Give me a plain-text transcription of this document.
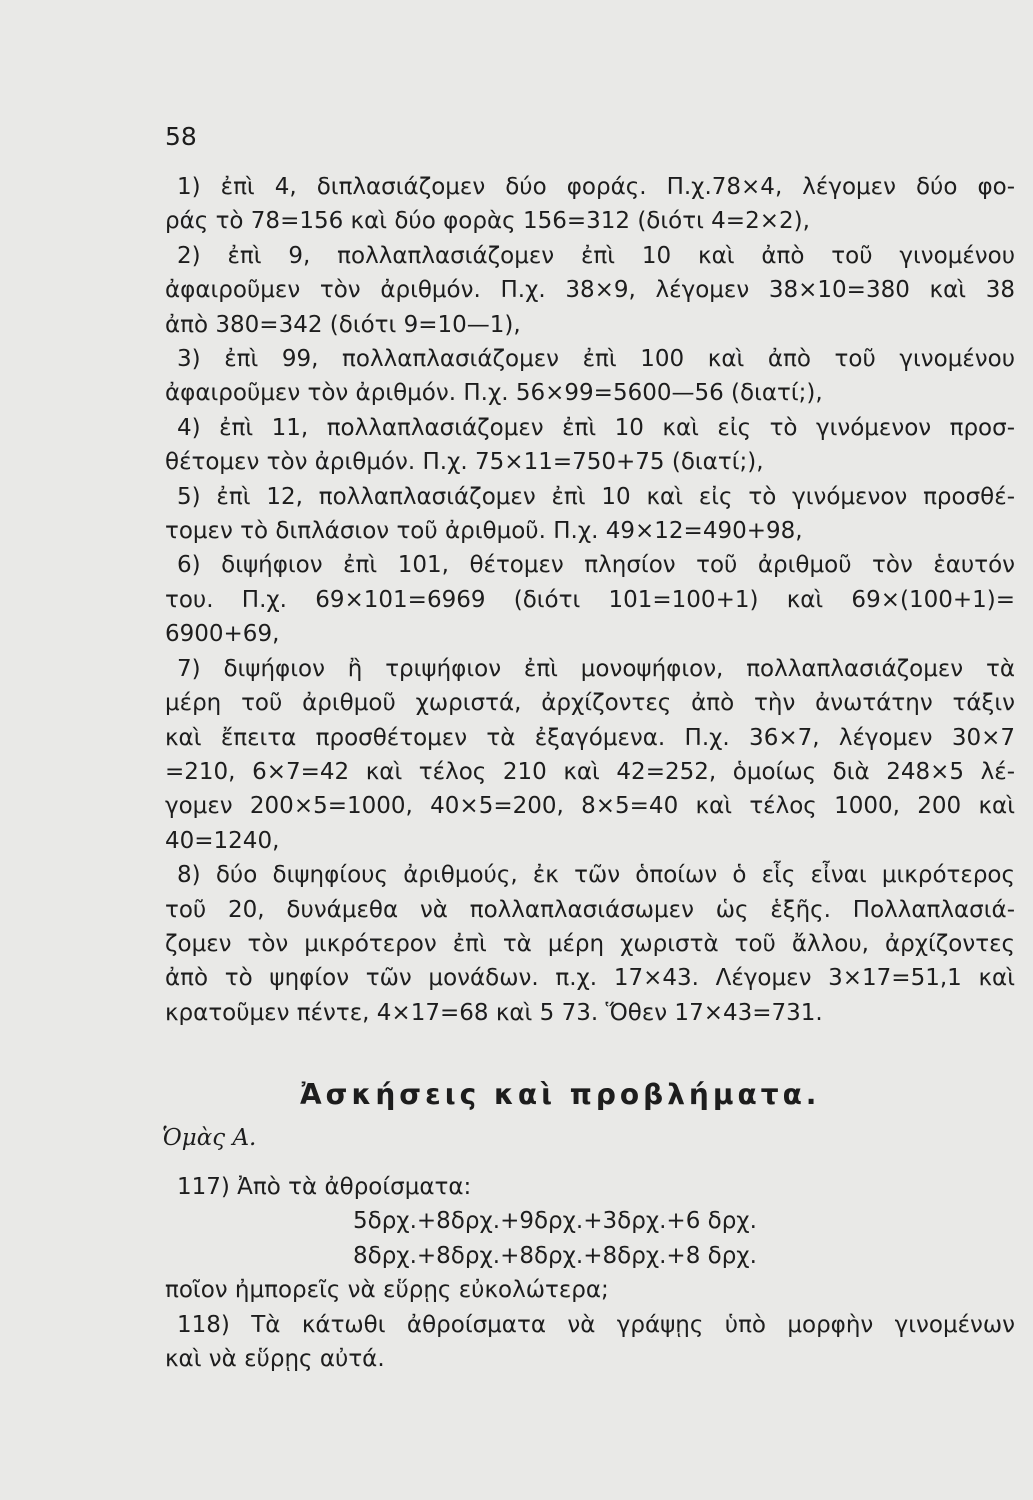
58
1) ἐπὶ 4, διπλασιάζομεν δύο φοράς. Π.χ.78×4, λέγομεν δύο φο-
ράς τὸ 78=156 καὶ δύο φορὰς 156=312 (διότι 4=2×2),
2) ἐπὶ 9, πολλαπλασιάζομεν ἐπὶ 10 καὶ ἀπὸ τοῦ γινομένου
ἀφαιροῦμεν τὸν ἀριθμόν. Π.χ. 38×9, λέγομεν 38×10=380 καὶ 38
ἀπὸ 380=342 (διότι 9=10—1),
3) ἐπὶ 99, πολλαπλασιάζομεν ἐπὶ 100 καὶ ἀπὸ τοῦ γινομένου
ἀφαιροῦμεν τὸν ἀριθμόν. Π.χ. 56×99=5600—56 (διατί;),
4) ἐπὶ 11, πολλαπλασιάζομεν ἐπὶ 10 καὶ εἰς τὸ γινόμενον προσ-
θέτομεν τὸν ἀριθμόν. Π.χ. 75×11=750+75 (διατί;),
5) ἐπὶ 12, πολλαπλασιάζομεν ἐπὶ 10 καὶ εἰς τὸ γινόμενον προσθέ-
τομεν τὸ διπλάσιον τοῦ ἀριθμοῦ. Π.χ. 49×12=490+98,
6) διψήφιον ἐπὶ 101, θέτομεν πλησίον τοῦ ἀριθμοῦ τὸν ἑαυτόν
του. Π.χ. 69×101=6969 (διότι 101=100+1) καὶ 69×(100+1)=
6900+69,
7) διψήφιον ἢ τριψήφιον ἐπὶ μονοψήφιον, πολλαπλασιάζομεν τὰ
μέρη τοῦ ἀριθμοῦ χωριστά, ἀρχίζοντες ἀπὸ τὴν ἀνωτάτην τάξιν
καὶ ἔπειτα προσθέτομεν τὰ ἐξαγόμενα. Π.χ. 36×7, λέγομεν 30×7
=210, 6×7=42 καὶ τέλος 210 καὶ 42=252, ὁμοίως διὰ 248×5 λέ-
γομεν 200×5=1000, 40×5=200, 8×5=40 καὶ τέλος 1000, 200 καὶ
40=1240,
8) δύο διψηφίους ἀριθμούς, ἐκ τῶν ὁποίων ὁ εἷς εἶναι μικρότερος
τοῦ 20, δυνάμεθα νὰ πολλαπλασιάσωμεν ὡς ἑξῆς. Πολλαπλασιά-
ζομεν τὸν μικρότερον ἐπὶ τὰ μέρη χωριστὰ τοῦ ἄλλου, ἀρχίζοντες
ἀπὸ τὸ ψηφίον τῶν μονάδων. π.χ. 17×43. Λέγομεν 3×17=51,1 καὶ
κρατοῦμεν πέντε, 4×17=68 καὶ 5 73. Ὅθεν 17×43=731.
Ἀσκήσεις καὶ προβλήματα.
Ὁμὰς Α.
117) Ἀπὸ τὰ ἀθροίσματα:
5δρχ.+8δρχ.+9δρχ.+3δρχ.+6 δρχ.
8δρχ.+8δρχ.+8δρχ.+8δρχ.+8 δρχ.
ποῖον ἠμπορεῖς νὰ εὕρῃς εὐκολώτερα;
118) Τὰ κάτωθι ἀθροίσματα νὰ γράψῃς ὑπὸ μορφὴν γινομένων
καὶ νὰ εὕρῃς αὐτά.
